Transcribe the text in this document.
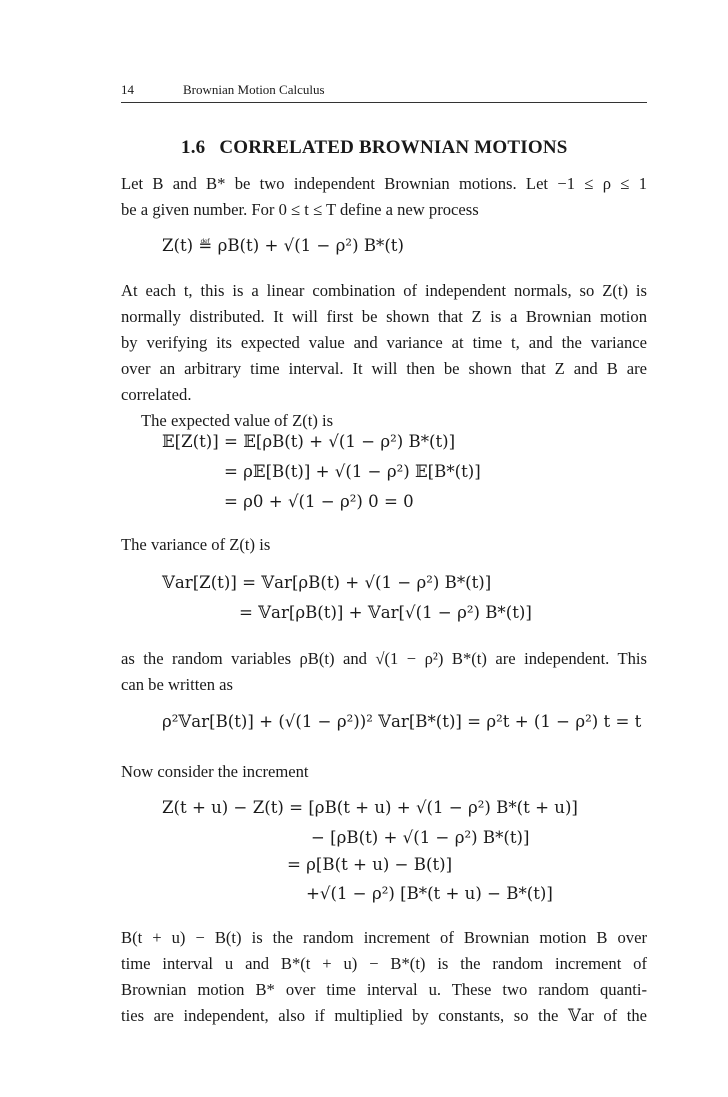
14	Brownian Motion Calculus
1.6 CORRELATED BROWNIAN MOTIONS
Let B and B* be two independent Brownian motions. Let −1 ≤ ρ ≤ 1
be a given number. For 0 ≤ t ≤ T define a new process
Z(t) ≝ ρB(t) + √(1 − ρ²) B*(t)
At each t, this is a linear combination of independent normals, so Z(t) is
normally distributed. It will first be shown that Z is a Brownian motion
by verifying its expected value and variance at time t, and the variance
over an arbitrary time interval. It will then be shown that Z and B are
correlated.
The expected value of Z(t) is
𝔼[Z(t)] = 𝔼[ρB(t) + √(1 − ρ²) B*(t)]
= ρ𝔼[B(t)] + √(1 − ρ²) 𝔼[B*(t)]
= ρ0 + √(1 − ρ²) 0 = 0
The variance of Z(t) is
𝕍ar[Z(t)] = 𝕍ar[ρB(t) + √(1 − ρ²) B*(t)]
= 𝕍ar[ρB(t)] + 𝕍ar[√(1 − ρ²) B*(t)]
as the random variables ρB(t) and √(1 − ρ²) B*(t) are independent. This
can be written as
ρ²𝕍ar[B(t)] + (√(1 − ρ²))² 𝕍ar[B*(t)] = ρ²t + (1 − ρ²) t = t
Now consider the increment
Z(t + u) − Z(t) = [ρB(t + u) + √(1 − ρ²) B*(t + u)]
− [ρB(t) + √(1 − ρ²) B*(t)]
= ρ[B(t + u) − B(t)]
+√(1 − ρ²) [B*(t + u) − B*(t)]
B(t + u) − B(t) is the random increment of Brownian motion B over
time interval u and B*(t + u) − B*(t) is the random increment of
Brownian motion B* over time interval u. These two random quanti-
ties are independent, also if multiplied by constants, so the 𝕍ar of the
